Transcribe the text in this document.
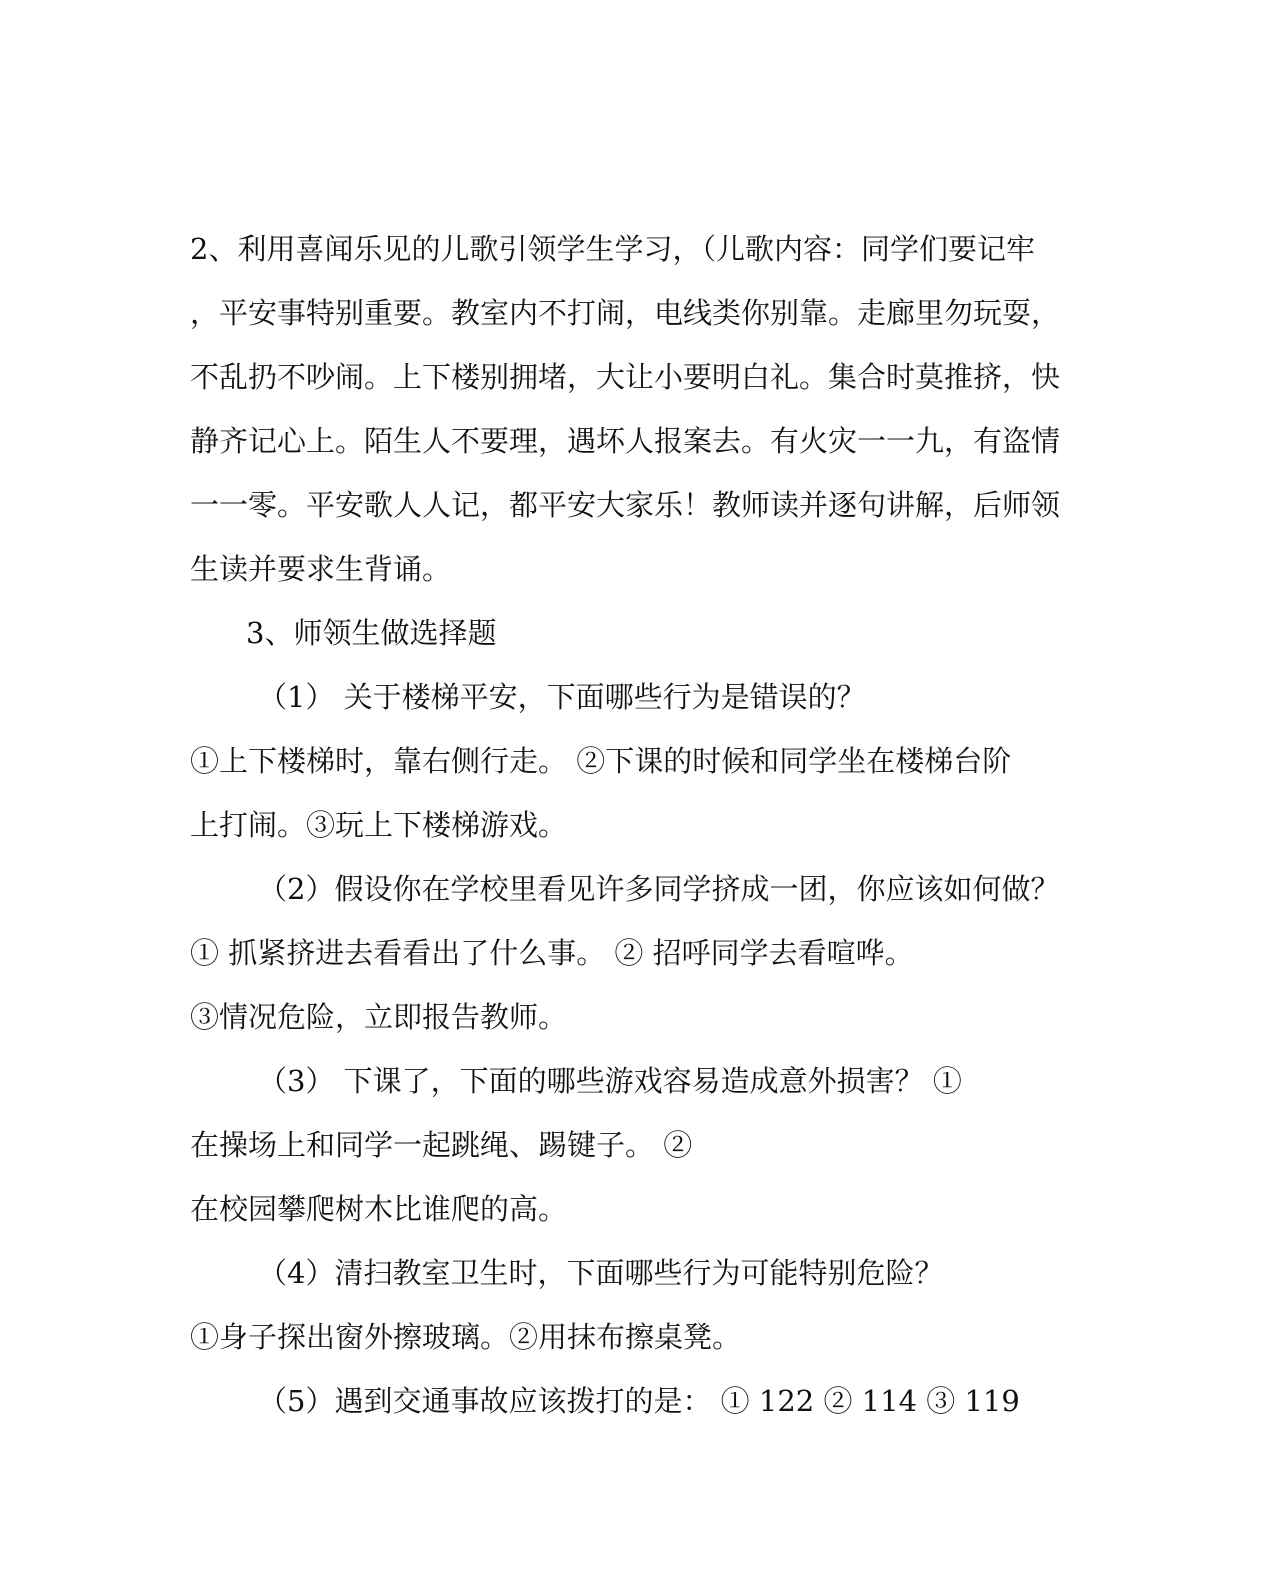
2、利用喜闻乐见的儿歌引领学生学习，（儿歌内容：同学们要记牢
，平安事特别重要。教室内不打闹，电线类你别靠。走廊里勿玩耍，
不乱扔不吵闹。上下楼别拥堵，大让小要明白礼。集合时莫推挤，快
静齐记心上。陌生人不要理，遇坏人报案去。有火灾一一九，有盗情
一一零。平安歌人人记，都平安大家乐！教师读并逐句讲解，后师领
生读并要求生背诵。
3、师领生做选择题
（1） 关于楼梯平安，下面哪些行为是错误的？
①上下楼梯时，靠右侧行走。 ②下课的时候和同学坐在楼梯台阶
上打闹。③玩上下楼梯游戏。
（2）假设你在学校里看见许多同学挤成一团，你应该如何做？
① 抓紧挤进去看看出了什么事。 ② 招呼同学去看喧哗。
③情况危险，立即报告教师。
（3） 下课了，下面的哪些游戏容易造成意外损害？ ①
在操场上和同学一起跳绳、踢键子。 ②
在校园攀爬树木比谁爬的高。
（4）清扫教室卫生时，下面哪些行为可能特别危险？
①身子探出窗外擦玻璃。②用抹布擦桌凳。
（5）遇到交通事故应该拨打的是： ① 122 ② 114 ③ 119
